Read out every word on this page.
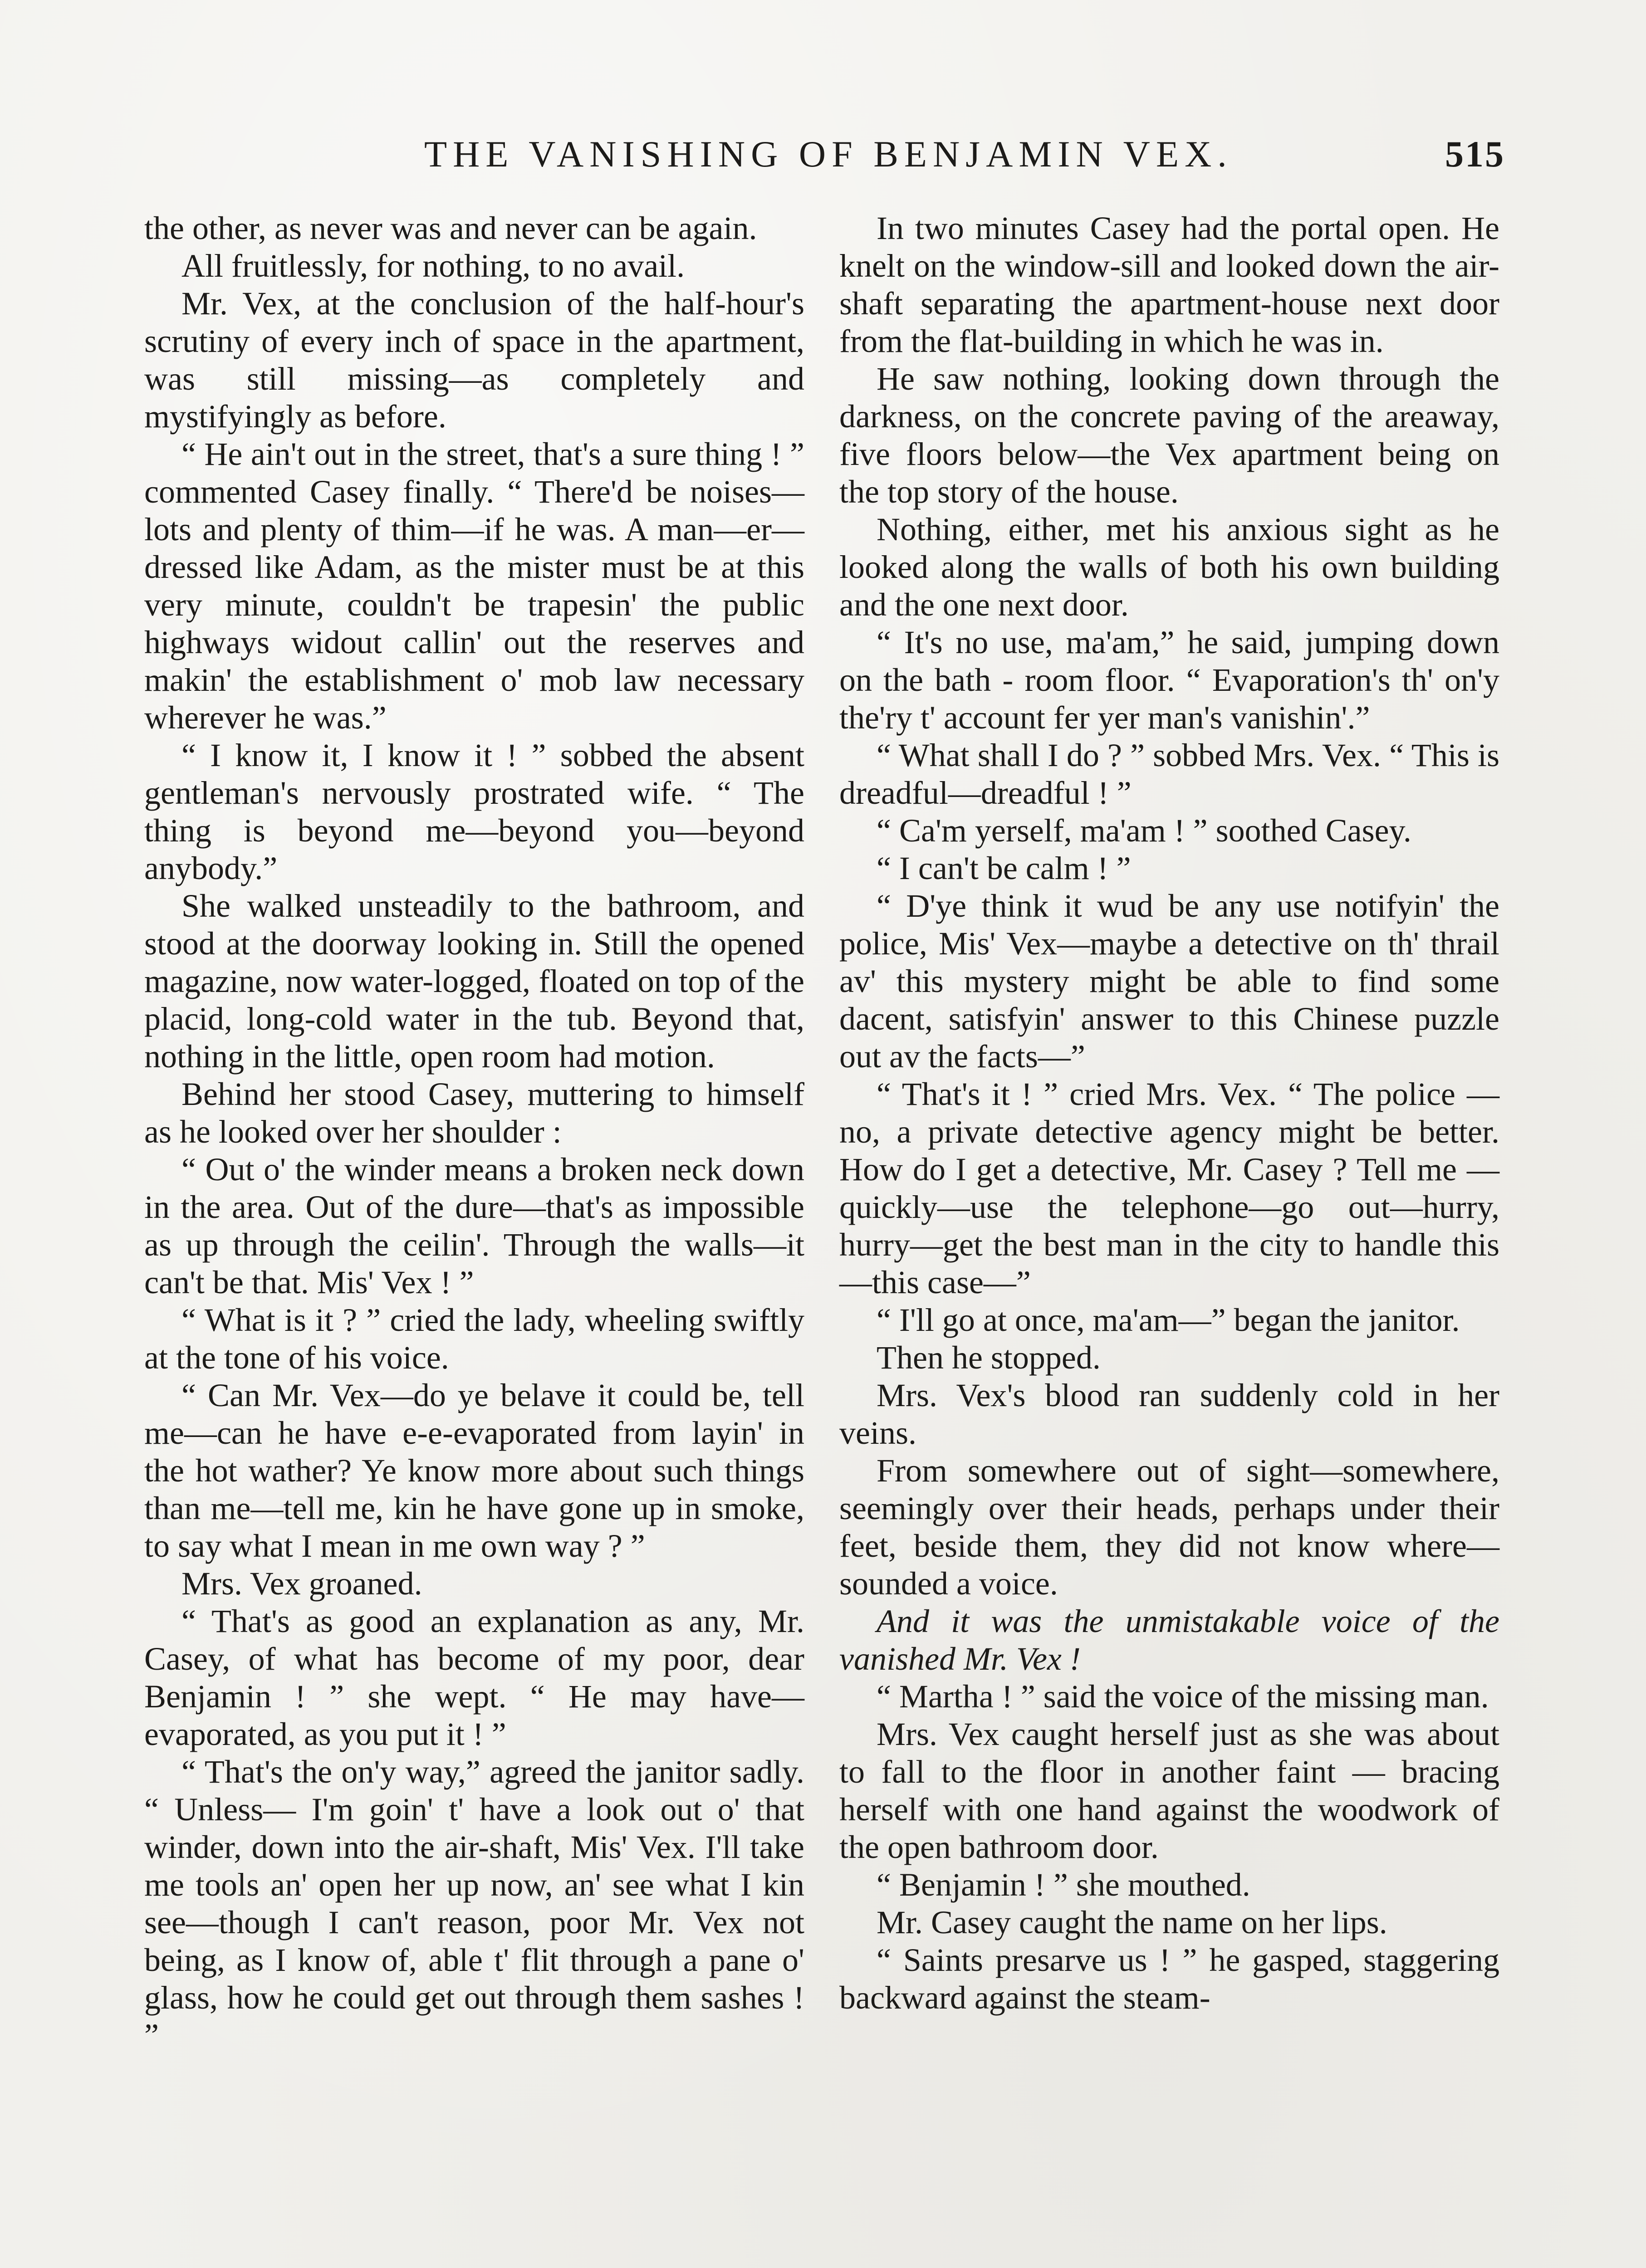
THE VANISHING OF BENJAMIN VEX.	515

the other, as never was and never can be again.

All fruitlessly, for nothing, to no avail.

Mr. Vex, at the conclusion of the half-hour's scrutiny of every inch of space in the apartment, was still missing—as completely and mystifyingly as before.

“ He ain't out in the street, that's a sure thing ! ” commented Casey finally. “ There'd be noises—lots and plenty of thim—if he was. A man—er—dressed like Adam, as the mister must be at this very minute, couldn't be trapesin' the public highways widout callin' out the reserves and makin' the establishment o' mob law necessary wherever he was.”

“ I know it, I know it ! ” sobbed the absent gentleman's nervously prostrated wife. “ The thing is beyond me—beyond you—beyond anybody.”

She walked unsteadily to the bathroom, and stood at the doorway looking in. Still the opened magazine, now water-logged, floated on top of the placid, long-cold water in the tub. Beyond that, nothing in the little, open room had motion.

Behind her stood Casey, muttering to himself as he looked over her shoulder :

“ Out o' the winder means a broken neck down in the area. Out of the dure—that's as impossible as up through the ceilin'. Through the walls—it can't be that. Mis' Vex ! ”

“ What is it ? ” cried the lady, wheeling swiftly at the tone of his voice.

“ Can Mr. Vex—do ye belave it could be, tell me—can he have e-e-evaporated from layin' in the hot wather? Ye know more about such things than me—tell me, kin he have gone up in smoke, to say what I mean in me own way ? ”

Mrs. Vex groaned.

“ That's as good an explanation as any, Mr. Casey, of what has become of my poor, dear Benjamin ! ” she wept. “ He may have—evaporated, as you put it ! ”

“ That's the on'y way,” agreed the janitor sadly. “ Unless— I'm goin' t' have a look out o' that winder, down into the air-shaft, Mis' Vex. I'll take me tools an' open her up now, an' see what I kin see—though I can't reason, poor Mr. Vex not being, as I know of, able t' flit through a pane o' glass, how he could get out through them sashes ! ”

In two minutes Casey had the portal open. He knelt on the window-sill and looked down the air-shaft separating the apartment-house next door from the flat-building in which he was in.

He saw nothing, looking down through the darkness, on the concrete paving of the areaway, five floors below—the Vex apartment being on the top story of the house.

Nothing, either, met his anxious sight as he looked along the walls of both his own building and the one next door.

“ It's no use, ma'am,” he said, jumping down on the bath - room floor. “ Evaporation's th' on'y the'ry t' account fer yer man's vanishin'.”

“ What shall I do ? ” sobbed Mrs. Vex. “ This is dreadful—dreadful ! ”

“ Ca'm yerself, ma'am ! ” soothed Casey.

“ I can't be calm ! ”

“ D'ye think it wud be any use notifyin' the police, Mis' Vex—maybe a detective on th' thrail av' this mystery might be able to find some dacent, satisfyin' answer to this Chinese puzzle out av the facts—”

“ That's it ! ” cried Mrs. Vex. “ The police — no, a private detective agency might be better. How do I get a detective, Mr. Casey ? Tell me — quickly—use the telephone—go out—hurry, hurry—get the best man in the city to handle this—this case—”

“ I'll go at once, ma'am—” began the janitor.

Then he stopped.

Mrs. Vex's blood ran suddenly cold in her veins.

From somewhere out of sight—somewhere, seemingly over their heads, perhaps under their feet, beside them, they did not know where—sounded a voice.

And it was the unmistakable voice of the vanished Mr. Vex !

“ Martha ! ” said the voice of the missing man.

Mrs. Vex caught herself just as she was about to fall to the floor in another faint — bracing herself with one hand against the woodwork of the open bathroom door.

“ Benjamin ! ” she mouthed.

Mr. Casey caught the name on her lips.

“ Saints presarve us ! ” he gasped, staggering backward against the steam-
